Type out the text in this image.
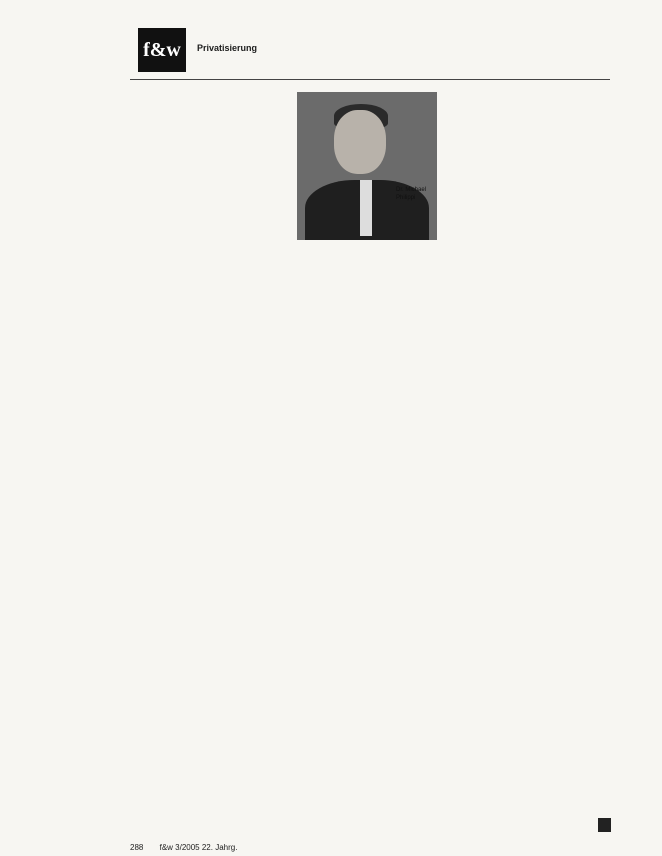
f&w	Privatisierung
Dr. Michael
Philippi
288 f&w 3/2005 22. Jahrg.
